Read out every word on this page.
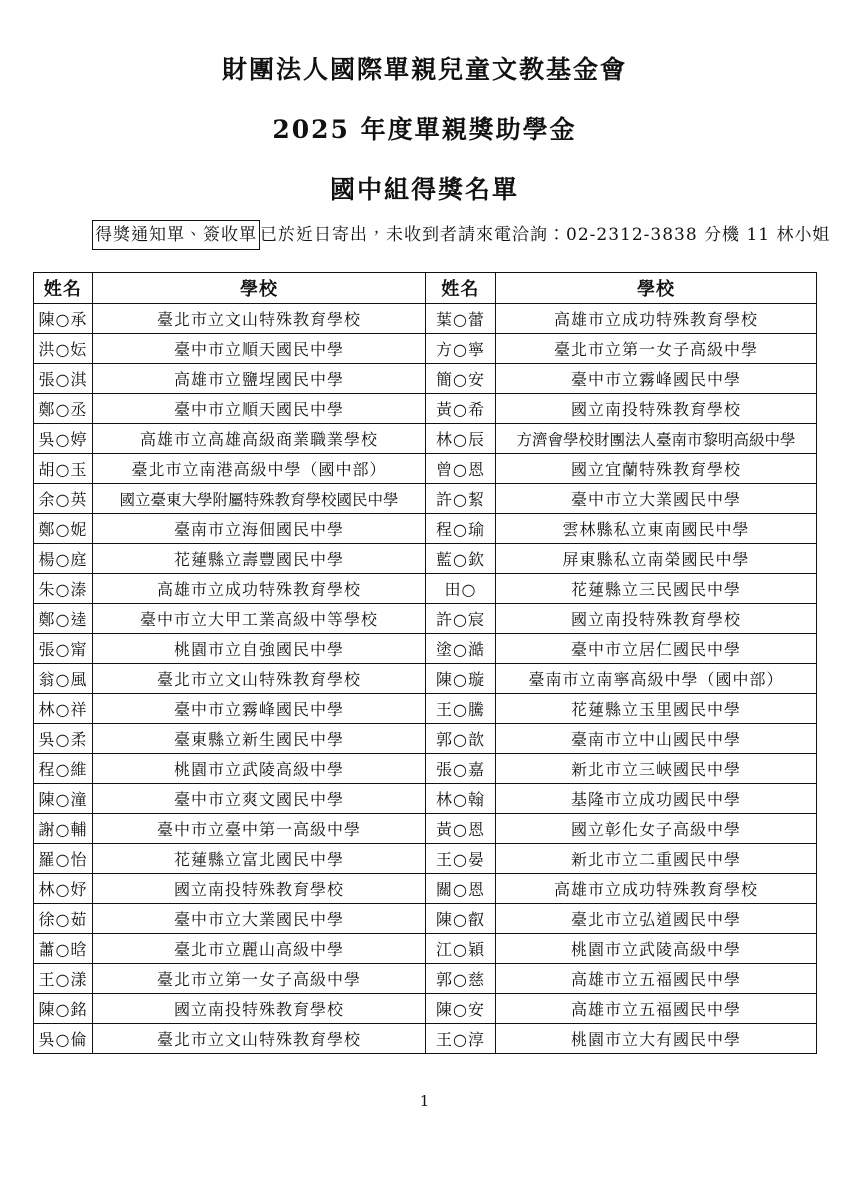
財團法人國際單親兒童文教基金會
2025 年度單親獎助學金
國中組得獎名單
得獎通知單、簽收單 已於近日寄出，未收到者請來電洽詢：02-2312-3838 分機 11 林小姐
姓名	學校	姓名	學校
陳○承	臺北市立文山特殊教育學校	葉○蕾	高雄市立成功特殊教育學校
洪○妘	臺中市立順天國民中學	方○寧	臺北市立第一女子高級中學
張○淇	高雄市立鹽埕國民中學	簡○安	臺中市立霧峰國民中學
鄭○丞	臺中市立順天國民中學	黃○希	國立南投特殊教育學校
吳○婷	高雄市立高雄高級商業職業學校	林○辰	方濟會學校財團法人臺南市黎明高級中學
胡○玉	臺北市立南港高級中學（國中部）	曾○恩	國立宜蘭特殊教育學校
余○英	國立臺東大學附屬特殊教育學校國民中學	許○絜	臺中市立大業國民中學
鄭○妮	臺南市立海佃國民中學	程○瑜	雲林縣私立東南國民中學
楊○庭	花蓮縣立壽豐國民中學	藍○欽	屏東縣私立南榮國民中學
朱○溱	高雄市立成功特殊教育學校	田○	花蓮縣立三民國民中學
鄭○逵	臺中市立大甲工業高級中等學校	許○宸	國立南投特殊教育學校
張○甯	桃園市立自強國民中學	塗○澔	臺中市立居仁國民中學
翁○風	臺北市立文山特殊教育學校	陳○璇	臺南市立南寧高級中學（國中部）
林○祥	臺中市立霧峰國民中學	王○騰	花蓮縣立玉里國民中學
吳○柔	臺東縣立新生國民中學	郭○歆	臺南市立中山國民中學
程○維	桃園市立武陵高級中學	張○嘉	新北市立三峽國民中學
陳○潼	臺中市立爽文國民中學	林○翰	基隆市立成功國民中學
謝○輔	臺中市立臺中第一高級中學	黃○恩	國立彰化女子高級中學
羅○怡	花蓮縣立富北國民中學	王○晏	新北市立二重國民中學
林○妤	國立南投特殊教育學校	關○恩	高雄市立成功特殊教育學校
徐○茹	臺中市立大業國民中學	陳○叡	臺北市立弘道國民中學
蕭○晗	臺北市立麗山高級中學	江○穎	桃園市立武陵高級中學
王○漾	臺北市立第一女子高級中學	郭○慈	高雄市立五福國民中學
陳○銘	國立南投特殊教育學校	陳○安	高雄市立五福國民中學
吳○倫	臺北市立文山特殊教育學校	王○淳	桃園市立大有國民中學
1
